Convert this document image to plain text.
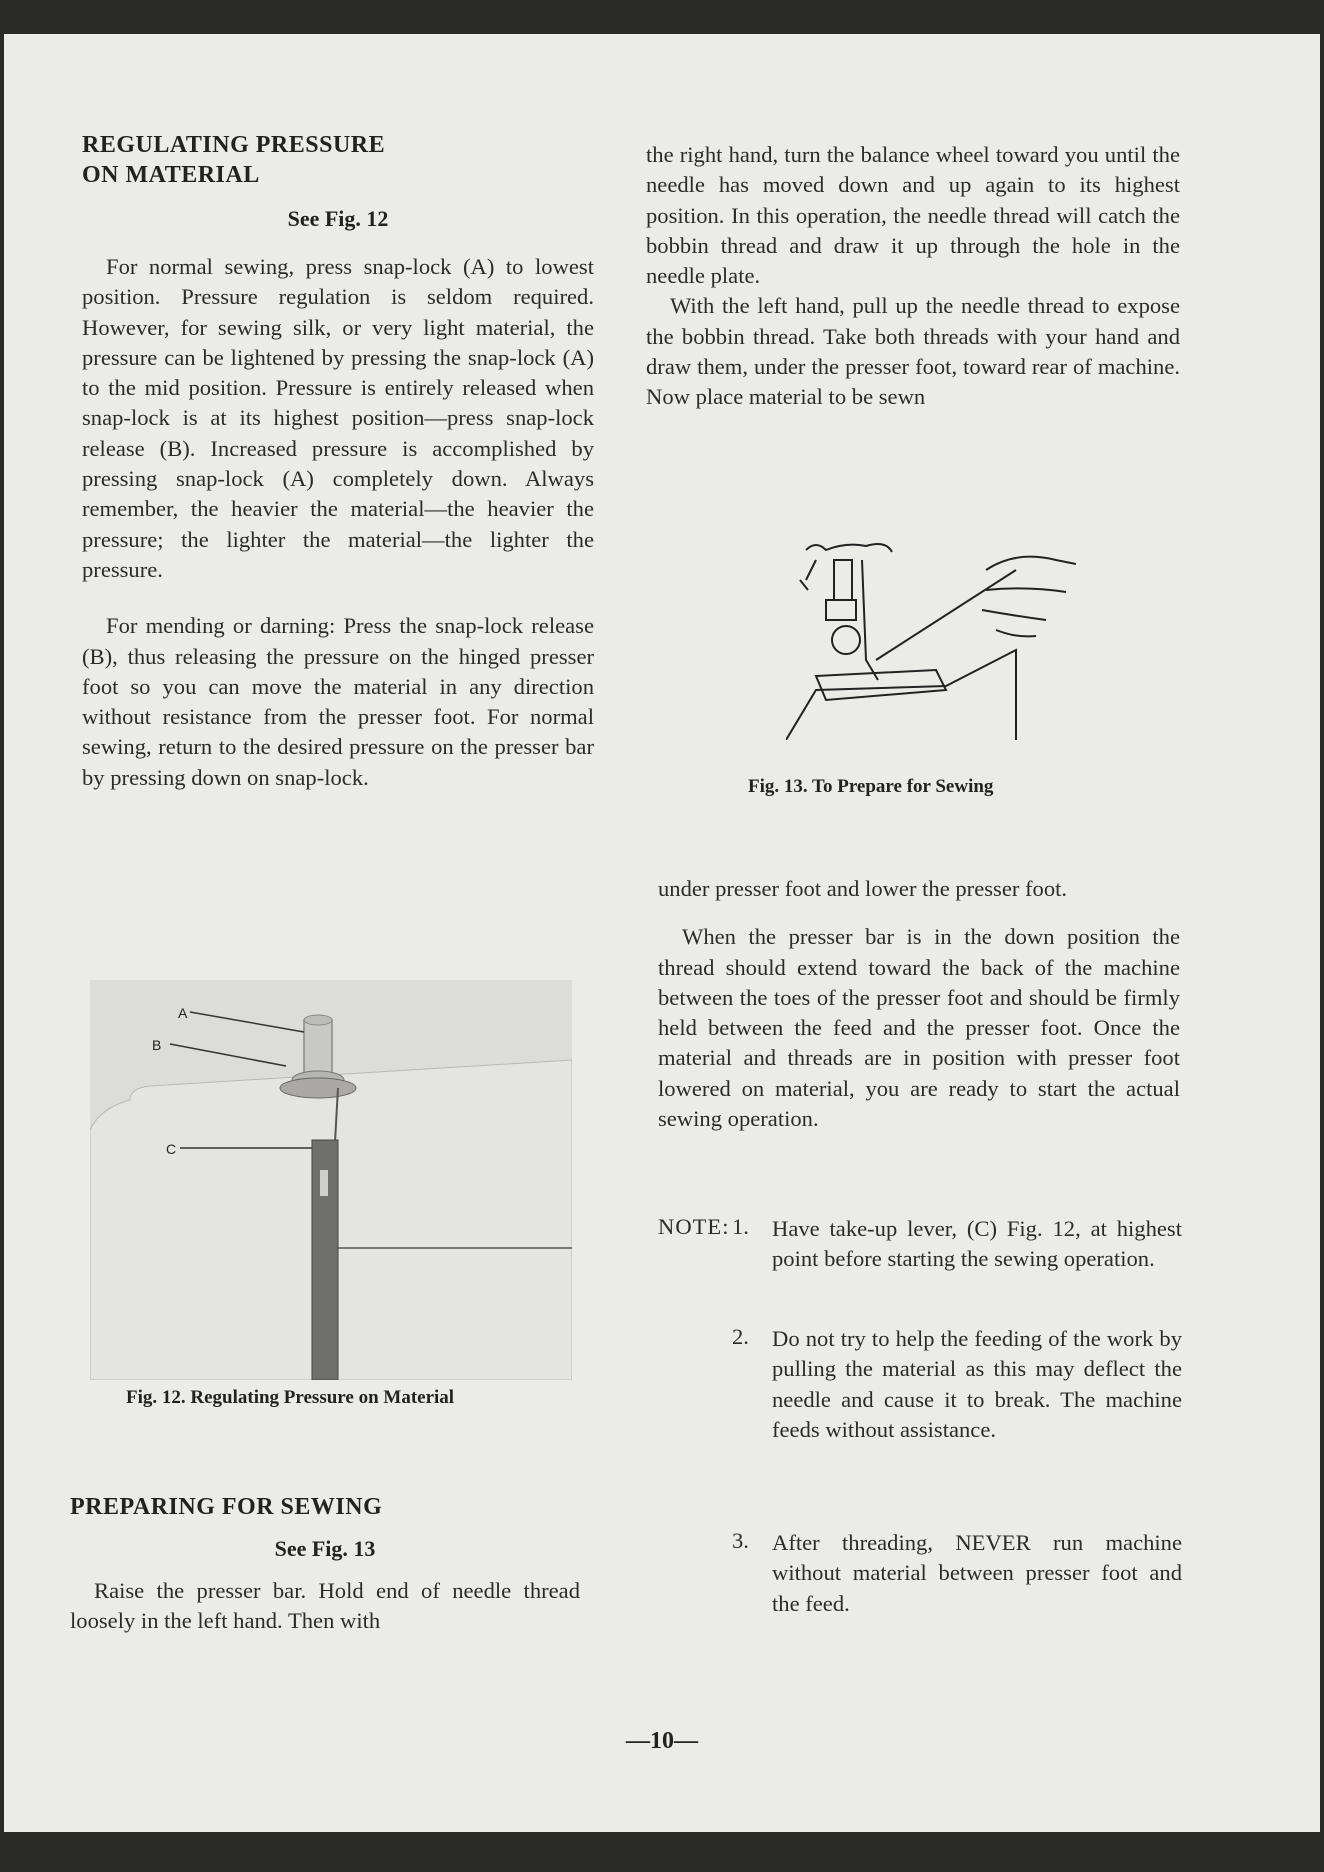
REGULATING PRESSURE
ON MATERIAL
See Fig. 12

For normal sewing, press snap-lock (A) to lowest position. Pressure regulation is seldom required. However, for sewing silk, or very light material, the pressure can be lightened by pressing the snap-lock (A) to the mid position. Pressure is entirely released when snap-lock is at its highest position—press snap-lock release (B). Increased pressure is accomplished by pressing snap-lock (A) completely down. Always remember, the heavier the material—the heavier the pressure; the lighter the material—the lighter the pressure.

For mending or darning: Press the snap-lock release (B), thus releasing the pressure on the hinged presser foot so you can move the material in any direction without resistance from the presser foot. For normal sewing, return to the desired pressure on the presser bar by pressing down on snap-lock.

A
B
C
Fig. 12. Regulating Pressure on Material
PREPARING FOR SEWING
See Fig. 13

Raise the presser bar. Hold end of needle thread loosely in the left hand. Then with

the right hand, turn the balance wheel toward you until the needle has moved down and up again to its highest position. In this operation, the needle thread will catch the bobbin thread and draw it up through the hole in the needle plate.

With the left hand, pull up the needle thread to expose the bobbin thread. Take both threads with your hand and draw them, under the presser foot, toward rear of machine. Now place material to be sewn

Fig. 13. To Prepare for Sewing

under presser foot and lower the presser foot.

When the presser bar is in the down position the thread should extend toward the back of the machine between the toes of the presser foot and should be firmly held between the feed and the presser foot. Once the material and threads are in position with presser foot lowered on material, you are ready to start the actual sewing operation.

NOTE: 1. Have take-up lever, (C) Fig. 12, at highest point before starting the sewing operation.
2. Do not try to help the feeding of the work by pulling the material as this may deflect the needle and cause it to break. The machine feeds without assistance.
3. After threading, NEVER run machine without material between presser foot and the feed.
—10—
